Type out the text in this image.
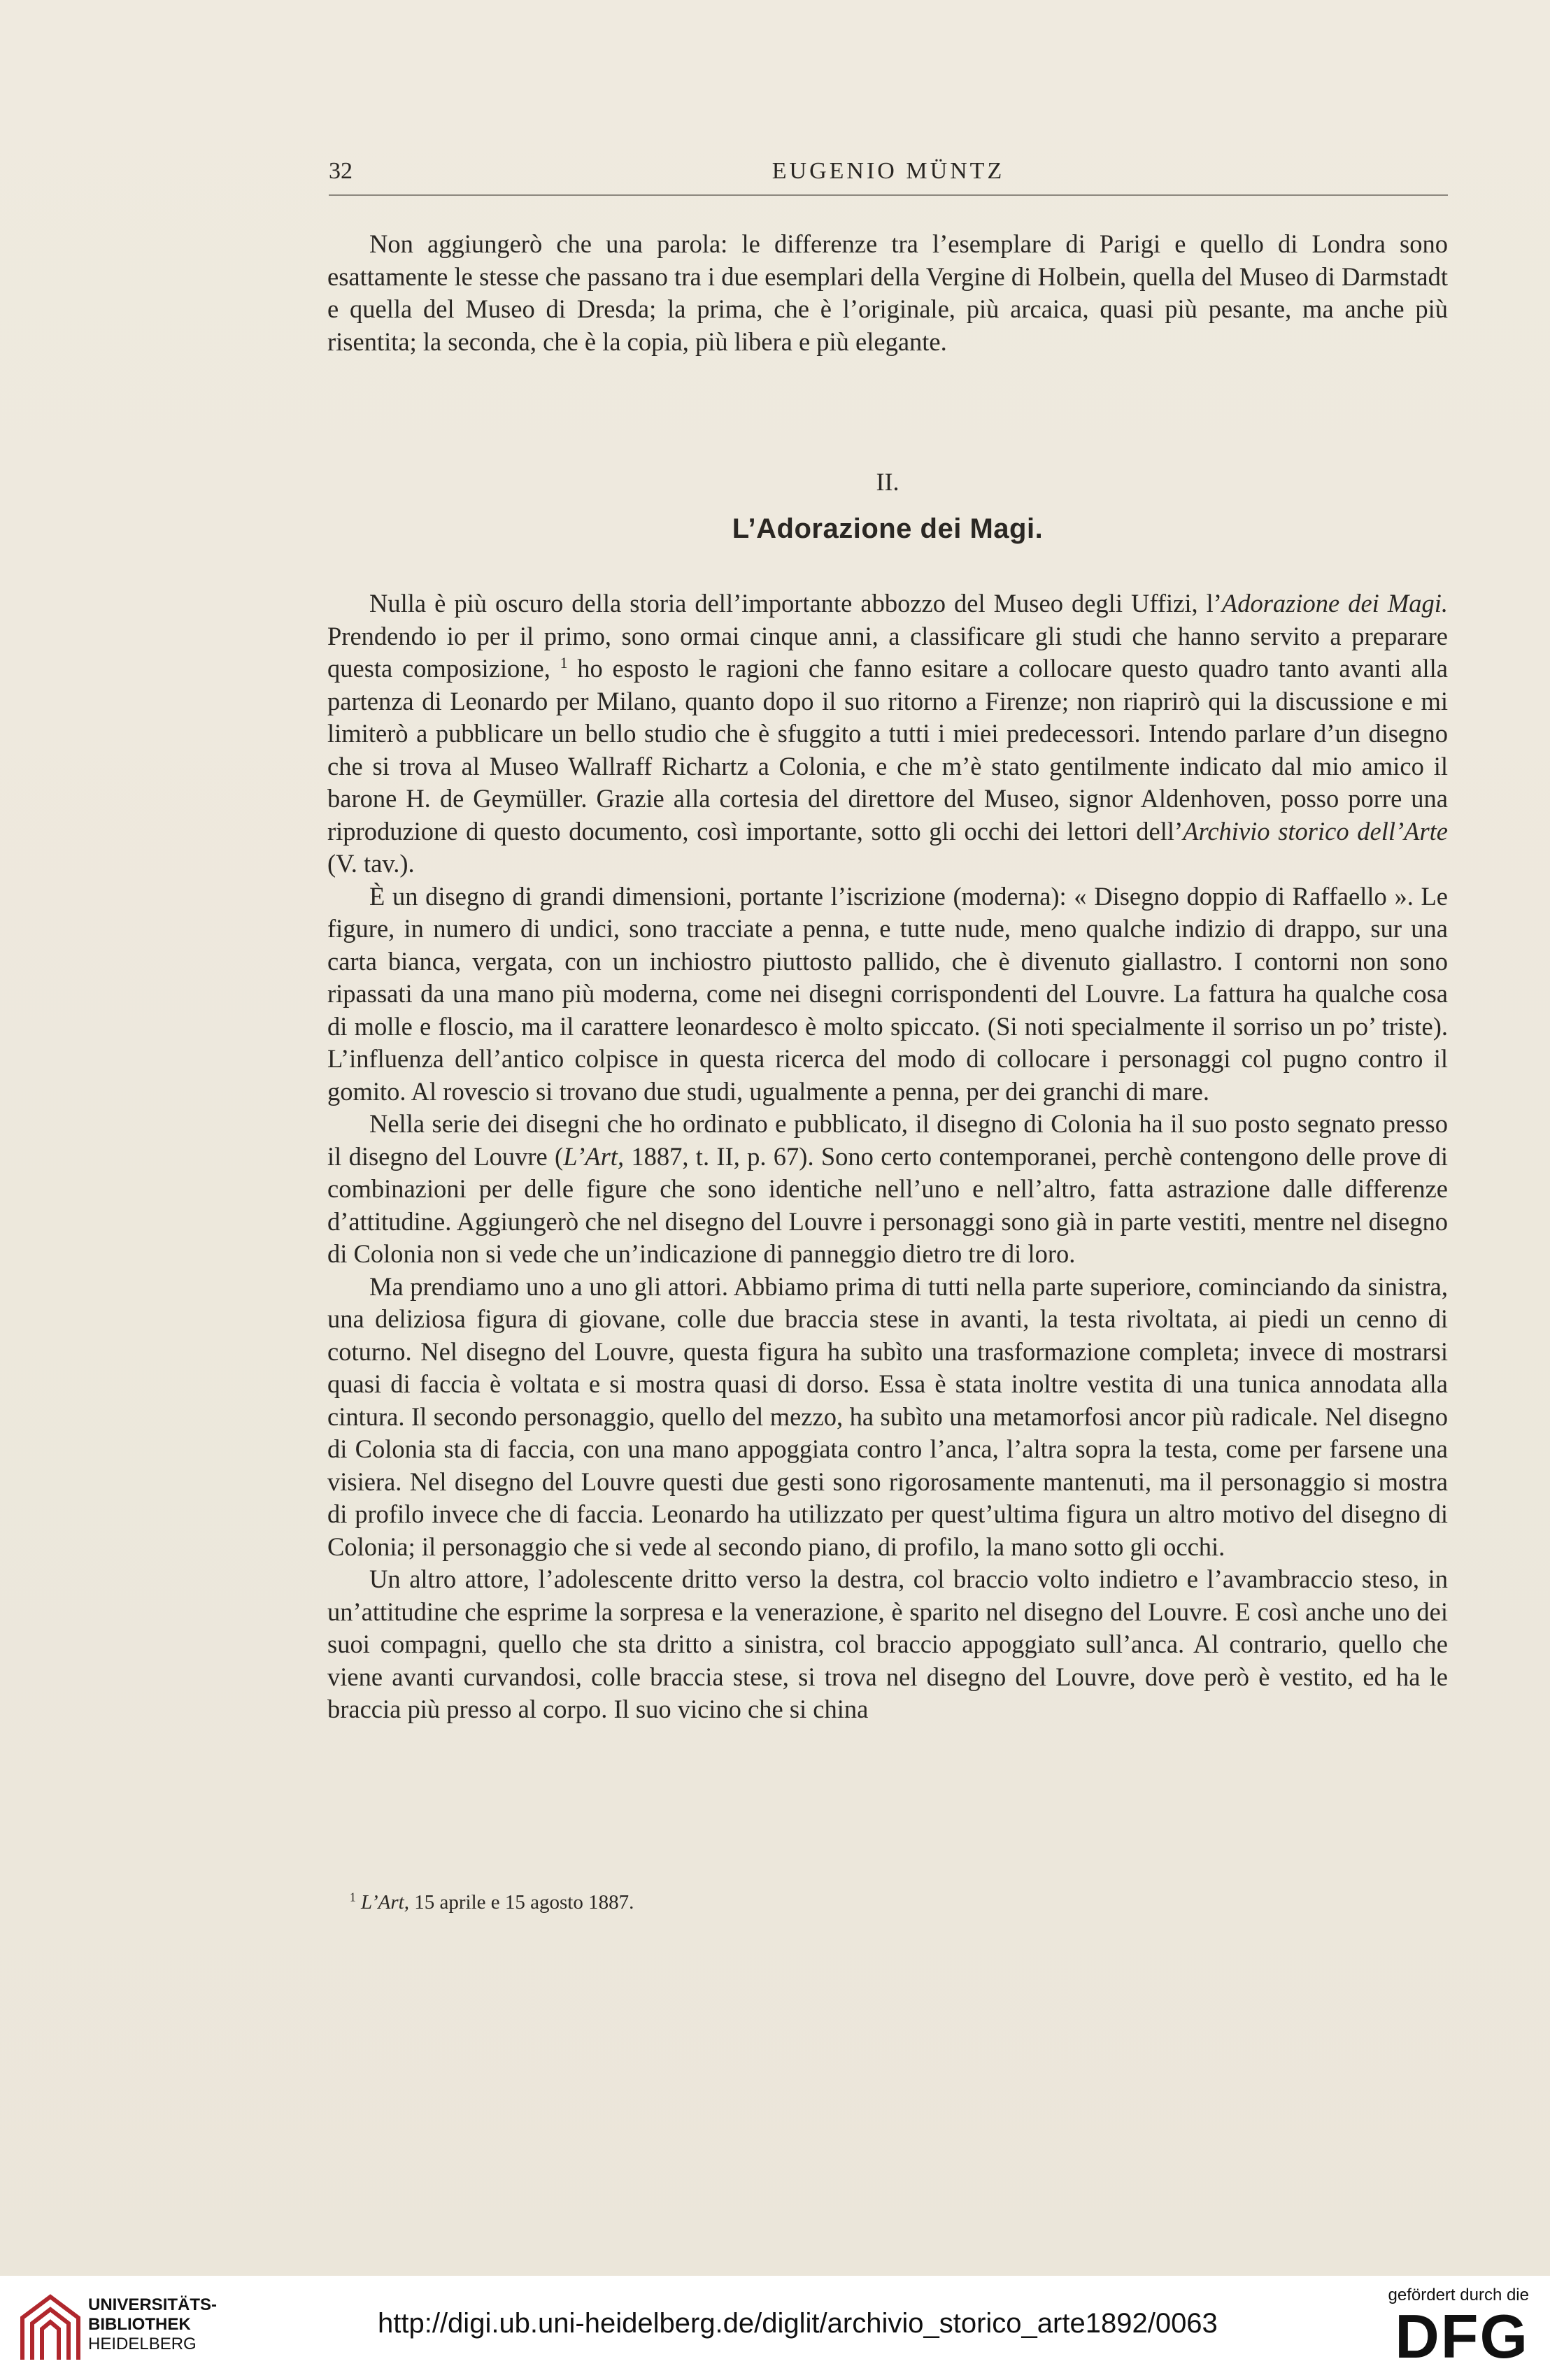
32	EUGENIO MÜNTZ

Non aggiungerò che una parola: le differenze tra l’esemplare di Parigi e quello di Londra sono esattamente le stesse che passano tra i due esemplari della Vergine di Holbein, quella del Museo di Darmstadt e quella del Museo di Dresda; la prima, che è l’originale, più arcaica, quasi più pesante, ma anche più risentita; la seconda, che è la copia, più libera e più elegante.

II.
L’Adorazione dei Magi.

Nulla è più oscuro della storia dell’importante abbozzo del Museo degli Uffizi, l’Adorazione dei Magi. Prendendo io per il primo, sono ormai cinque anni, a classificare gli studi che hanno servito a preparare questa composizione, $^1$ ho esposto le ragioni che fanno esitare a collocare questo quadro tanto avanti alla partenza di Leonardo per Milano, quanto dopo il suo ritorno a Firenze; non riaprirò qui la discussione e mi limiterò a pubblicare un bello studio che è sfuggito a tutti i miei predecessori. Intendo parlare d’un disegno che si trova al Museo Wallraff Richartz a Colonia, e che m’è stato gentilmente indicato dal mio amico il barone H. de Geymüller. Grazie alla cortesia del direttore del Museo, signor Aldenhoven, posso porre una riproduzione di questo documento, così importante, sotto gli occhi dei lettori dell’Archivio storico dell’Arte (V. tav.).

È un disegno di grandi dimensioni, portante l’iscrizione (moderna): « Disegno doppio di Raffaello ». Le figure, in numero di undici, sono tracciate a penna, e tutte nude, meno qualche indizio di drappo, sur una carta bianca, vergata, con un inchiostro piuttosto pallido, che è divenuto giallastro. I contorni non sono ripassati da una mano più moderna, come nei disegni corrispondenti del Louvre. La fattura ha qualche cosa di molle e floscio, ma il carattere leonardesco è molto spiccato. (Si noti specialmente il sorriso un po’ triste). L’influenza dell’antico colpisce in questa ricerca del modo di collocare i personaggi col pugno contro il gomito. Al rovescio si trovano due studi, ugualmente a penna, per dei granchi di mare.

Nella serie dei disegni che ho ordinato e pubblicato, il disegno di Colonia ha il suo posto segnato presso il disegno del Louvre (L’Art, 1887, t. II, p. 67). Sono certo contemporanei, perchè contengono delle prove di combinazioni per delle figure che sono identiche nell’uno e nell’altro, fatta astrazione dalle differenze d’attitudine. Aggiungerò che nel disegno del Louvre i personaggi sono già in parte vestiti, mentre nel disegno di Colonia non si vede che un’indicazione di panneggio dietro tre di loro.

Ma prendiamo uno a uno gli attori. Abbiamo prima di tutti nella parte superiore, cominciando da sinistra, una deliziosa figura di giovane, colle due braccia stese in avanti, la testa rivoltata, ai piedi un cenno di coturno. Nel disegno del Louvre, questa figura ha subìto una trasformazione completa; invece di mostrarsi quasi di faccia è voltata e si mostra quasi di dorso. Essa è stata inoltre vestita di una tunica annodata alla cintura. Il secondo personaggio, quello del mezzo, ha subìto una metamorfosi ancor più radicale. Nel disegno di Colonia sta di faccia, con una mano appoggiata contro l’anca, l’altra sopra la testa, come per farsene una visiera. Nel disegno del Louvre questi due gesti sono rigorosamente mantenuti, ma il personaggio si mostra di profilo invece che di faccia. Leonardo ha utilizzato per quest’ultima figura un altro motivo del disegno di Colonia; il personaggio che si vede al secondo piano, di profilo, la mano sotto gli occhi.

Un altro attore, l’adolescente dritto verso la destra, col braccio volto indietro e l’avambraccio steso, in un’attitudine che esprime la sorpresa e la venerazione, è sparito nel disegno del Louvre. E così anche uno dei suoi compagni, quello che sta dritto a sinistra, col braccio appoggiato sull’anca. Al contrario, quello che viene avanti curvandosi, colle braccia stese, si trova nel disegno del Louvre, dove però è vestito, ed ha le braccia più presso al corpo. Il suo vicino che si china

$^1$ L’Art, 15 aprile e 15 agosto 1887.
UNIVERSITÄTS-
BIBLIOTHEK
HEIDELBERG
http://digi.ub.uni-heidelberg.de/diglit/archivio_storico_arte1892/0063
gefördert durch die
DFG
